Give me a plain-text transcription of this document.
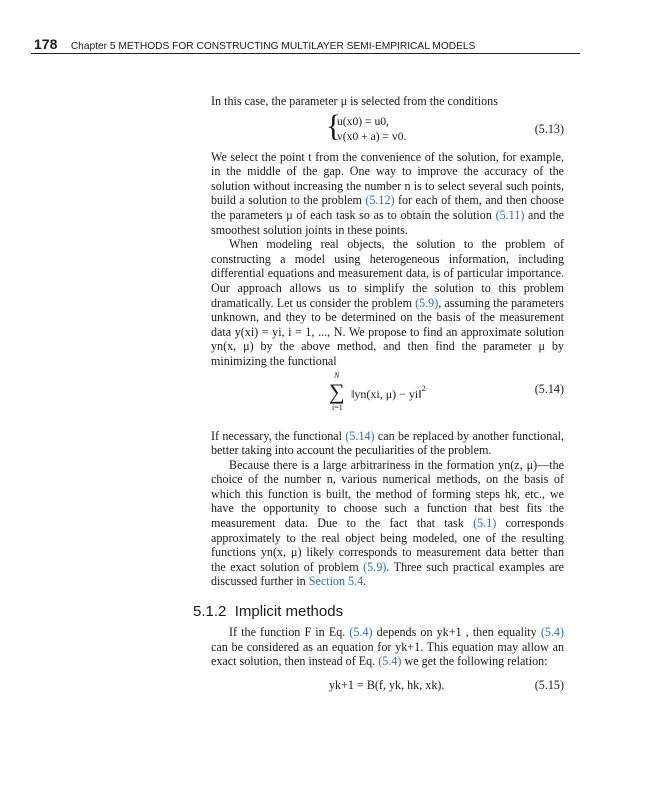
178 Chapter 5 METHODS FOR CONSTRUCTING MULTILAYER SEMI-EMPIRICAL MODELS

In this case, the parameter μ is selected from the conditions

{
u(x0) = u0,
v(x0 + a) = v0.
(5.13)

We select the point t from the convenience of the solution, for example, in the middle of the gap. One way to improve the accuracy of the solution without increasing the number n is to select several such points, build a solution to the problem (5.12) for each of them, and then choose the parameters μ of each task so as to obtain the solution (5.11) and the smoothest solution joints in these points.

When modeling real objects, the solution to the problem of constructing a model using heterogeneous information, including differential equations and measurement data, is of particular importance. Our approach allows us to simplify the solution to this problem dramatically. Let us consider the problem (5.9), assuming the parameters unknown, and they to be determined on the basis of the measurement data y(xi) = yi, i = 1, ..., N. We propose to find an approximate solution yn(x, μ) by the above method, and then find the parameter μ by minimizing the functional

N
∑
i=1
‖yn(xi, μ) − yi‖$^2$	(5.14)

If necessary, the functional (5.14) can be replaced by another functional, better taking into account the peculiarities of the problem.

Because there is a large arbitrariness in the formation yn(z, μ)—the choice of the number n, various numerical methods, on the basis of which this function is built, the method of forming steps hk, etc., we have the opportunity to choose such a function that best fits the measurement data. Due to the fact that task (5.1) corresponds approximately to the real object being modeled, one of the resulting functions yn(x, μ) likely corresponds to measurement data better than the exact solution of problem (5.9). Three such practical examples are discussed further in Section 5.4.

5.1.2 Implicit methods

If the function F in Eq. (5.4) depends on yk+1 , then equality (5.4) can be considered as an equation for yk+1. This equation may allow an exact solution, then instead of Eq. (5.4) we get the following relation:

yk+1 = B(f, yk, hk, xk).	(5.15)
